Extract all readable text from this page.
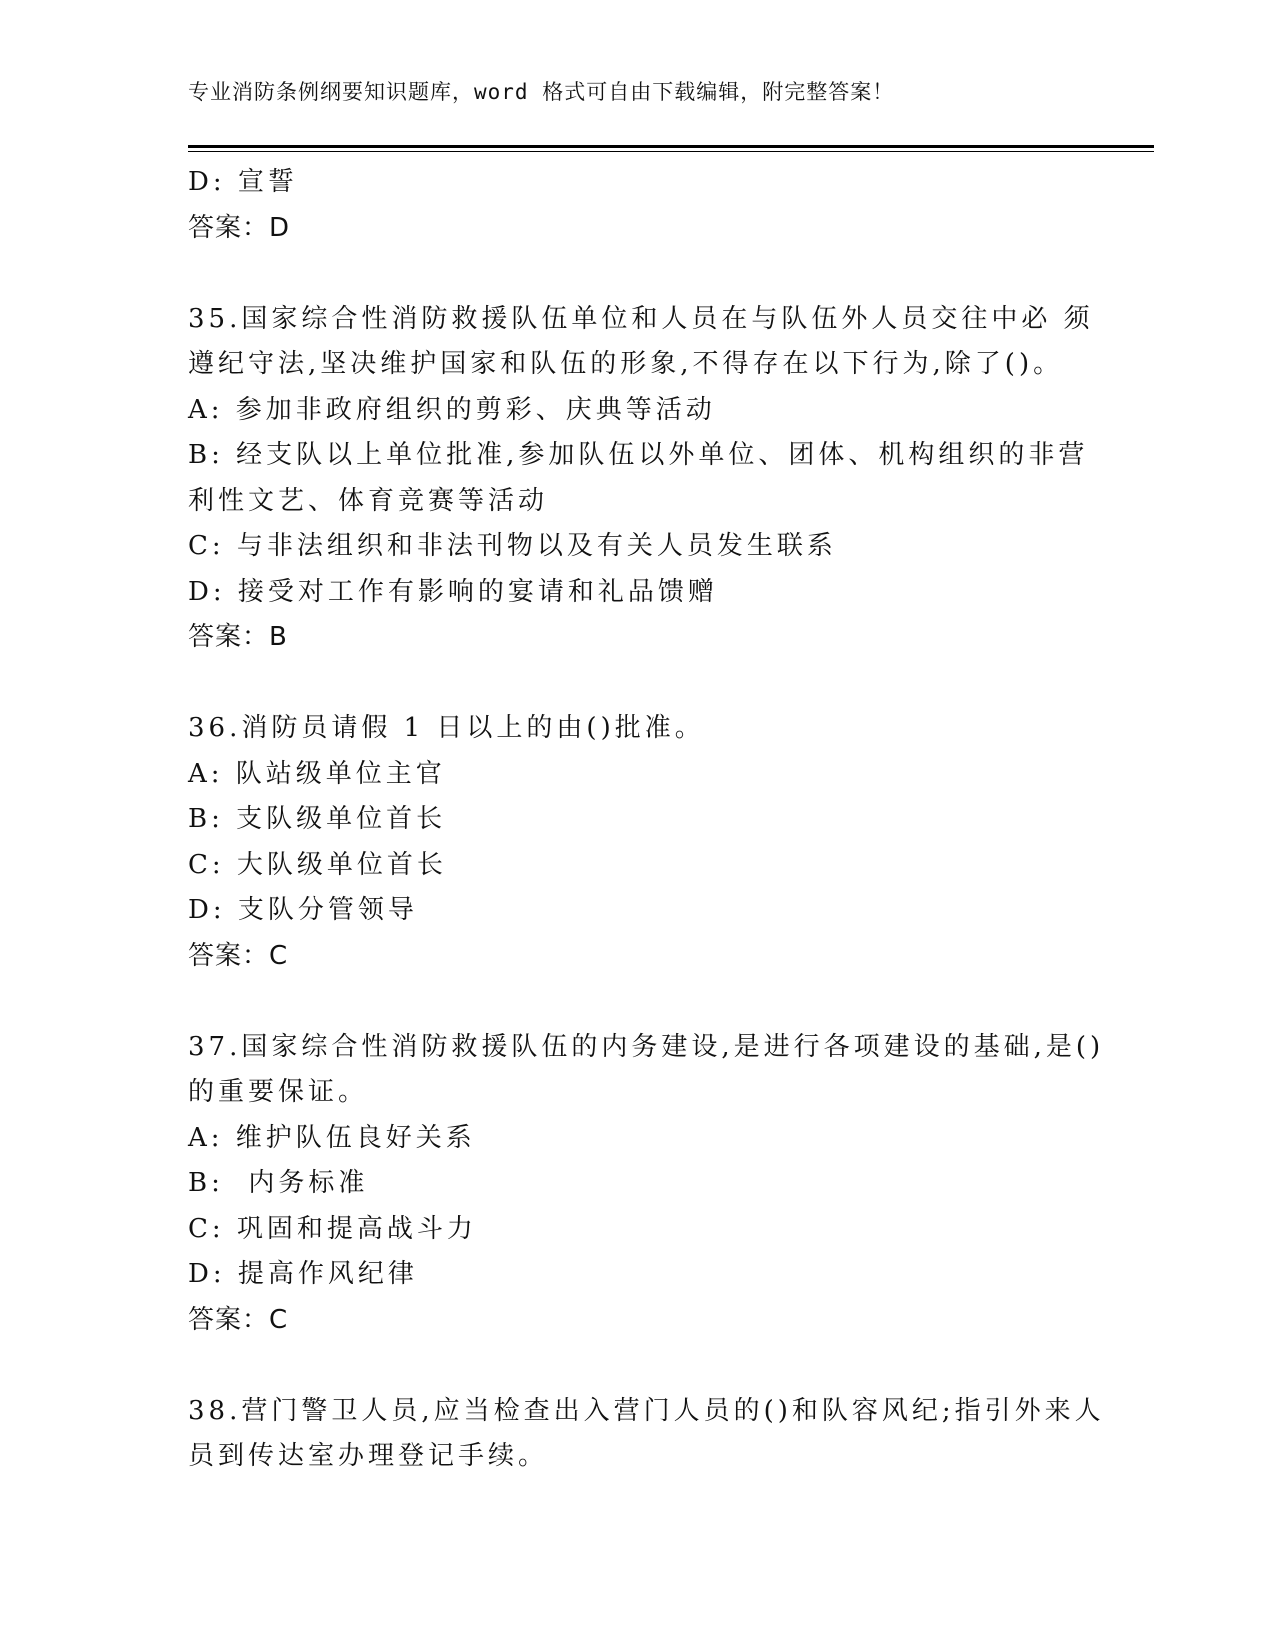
专业消防条例纲要知识题库，word 格式可自由下载编辑，附完整答案！
D: 宣誓
答案：D
35.国家综合性消防救援队伍单位和人员在与队伍外人员交往中必 须
遵纪守法,坚决维护国家和队伍的形象,不得存在以下行为,除了()。
A: 参加非政府组织的剪彩、庆典等活动
B: 经支队以上单位批准,参加队伍以外单位、团体、机构组织的非营
利性文艺、体育竞赛等活动
C: 与非法组织和非法刊物以及有关人员发生联系
D: 接受对工作有影响的宴请和礼品馈赠
答案：B
36.消防员请假 1 日以上的由()批准。
A: 队站级单位主官
B: 支队级单位首长
C: 大队级单位首长
D: 支队分管领导
答案：C
37.国家综合性消防救援队伍的内务建设,是进行各项建设的基础,是()
的重要保证。
A: 维护队伍良好关系
B:  内务标准
C: 巩固和提高战斗力
D: 提高作风纪律
答案：C
38.营门警卫人员,应当检查出入营门人员的()和队容风纪;指引外来人
员到传达室办理登记手续。
